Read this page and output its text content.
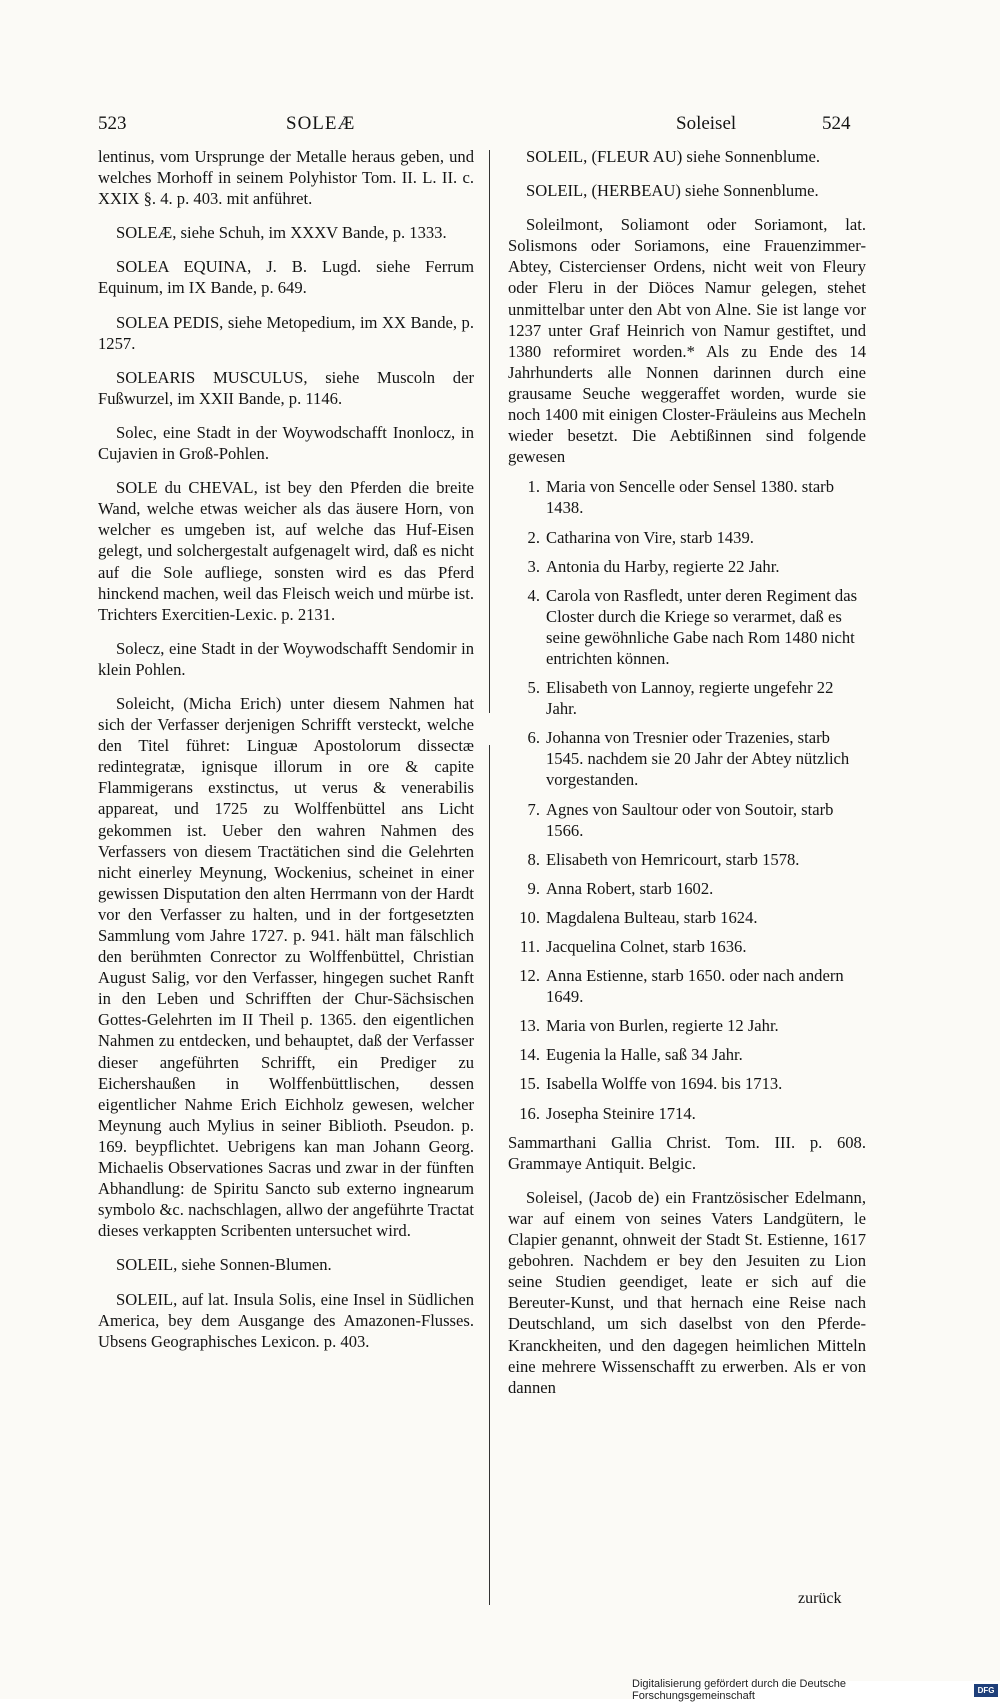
523	SOLEÆ	Soleisel	524

lentinus, vom Ursprunge der Metalle heraus geben, und welches Morhoff in seinem Polyhistor Tom. II. L. II. c. XXIX §. 4. p. 403. mit anführet.

SOLEÆ, siehe Schuh, im XXXV Bande, p. 1333.

SOLEA EQUINA, J. B. Lugd. siehe Ferrum Equinum, im IX Bande, p. 649.

SOLEA PEDIS, siehe Metopedium, im XX Bande, p. 1257.

SOLEARIS MUSCULUS, siehe Muscoln der Fußwurzel, im XXII Bande, p. 1146.

Solec, eine Stadt in der Woywodschafft Inonlocz, in Cujavien in Groß-Pohlen.

SOLE du CHEVAL, ist bey den Pferden die breite Wand, welche etwas weicher als das äusere Horn, von welcher es umgeben ist, auf welche das Huf-Eisen gelegt, und solchergestalt aufgenagelt wird, daß es nicht auf die Sole aufliege, sonsten wird es das Pferd hinckend machen, weil das Fleisch weich und mürbe ist. Trichters Exercitien-Lexic. p. 2131.

Solecz, eine Stadt in der Woywodschafft Sendomir in klein Pohlen.

Soleicht, (Micha Erich) unter diesem Nahmen hat sich der Verfasser derjenigen Schrifft versteckt, welche den Titel führet: Linguæ Apostolorum dissectæ redintegratæ, ignisque illorum in ore & capite Flammigerans exstinctus, ut verus & venerabilis appareat, und 1725 zu Wolffenbüttel ans Licht gekommen ist. Ueber den wahren Nahmen des Verfassers von diesem Tractätichen sind die Gelehrten nicht einerley Meynung, Wockenius, scheinet in einer gewissen Disputation den alten Herrmann von der Hardt vor den Verfasser zu halten, und in der fortgesetzten Sammlung vom Jahre 1727. p. 941. hält man fälschlich den berühmten Conrector zu Wolffenbüttel, Christian August Salig, vor den Verfasser, hingegen suchet Ranft in den Leben und Schrifften der Chur-Sächsischen Gottes-Gelehrten im II Theil p. 1365. den eigentlichen Nahmen zu entdecken, und behauptet, daß der Verfasser dieser angeführten Schrifft, ein Prediger zu Eichershaußen in Wolffenbüttlischen, dessen eigentlicher Nahme Erich Eichholz gewesen, welcher Meynung auch Mylius in seiner Biblioth. Pseudon. p. 169. beypflichtet. Uebrigens kan man Johann Georg. Michaelis Observationes Sacras und zwar in der fünften Abhandlung: de Spiritu Sancto sub externo ingnearum symbolo &c. nachschlagen, allwo der angeführte Tractat dieses verkappten Scribenten untersuchet wird.

SOLEIL, siehe Sonnen-Blumen.

SOLEIL, auf lat. Insula Solis, eine Insel in Südlichen America, bey dem Ausgange des Amazonen-Flusses. Ubsens Geographisches Lexicon. p. 403.

SOLEIL, (FLEUR AU) siehe Sonnenblume.

SOLEIL, (HERBEAU) siehe Sonnenblume.

Soleilmont, Soliamont oder Soriamont, lat. Solismons oder Soriamons, eine Frauenzimmer-Abtey, Cistercienser Ordens, nicht weit von Fleury oder Fleru in der Diöces Namur gelegen, stehet unmittelbar unter den Abt von Alne. Sie ist lange vor 1237 unter Graf Heinrich von Namur gestiftet, und 1380 reformiret worden.* Als zu Ende des 14 Jahrhunderts alle Nonnen darinnen durch eine grausame Seuche weggeraffet worden, wurde sie noch 1400 mit einigen Closter-Fräuleins aus Mecheln wieder besetzt. Die Aebtißinnen sind folgende gewesen

1. Maria von Sencelle oder Sensel 1380. starb 1438.
2. Catharina von Vire, starb 1439.
3. Antonia du Harby, regierte 22 Jahr.
4. Carola von Rasfledt, unter deren Regiment das Closter durch die Kriege so verarmet, daß es seine gewöhnliche Gabe nach Rom 1480 nicht entrichten können.
5. Elisabeth von Lannoy, regierte ungefehr 22 Jahr.
6. Johanna von Tresnier oder Trazenies, starb 1545. nachdem sie 20 Jahr der Abtey nützlich vorgestanden.
7. Agnes von Saultour oder von Soutoir, starb 1566.
8. Elisabeth von Hemricourt, starb 1578.
9. Anna Robert, starb 1602.
10. Magdalena Bulteau, starb 1624.
11. Jacquelina Colnet, starb 1636.
12. Anna Estienne, starb 1650. oder nach andern 1649.
13. Maria von Burlen, regierte 12 Jahr.
14. Eugenia la Halle, saß 34 Jahr.
15. Isabella Wolffe von 1694. bis 1713.
16. Josepha Steinire 1714.

Sammarthani Gallia Christ. Tom. III. p. 608. Grammaye Antiquit. Belgic.

Soleisel, (Jacob de) ein Frantzösischer Edelmann, war auf einem von seines Vaters Landgütern, le Clapier genannt, ohnweit der Stadt St. Estienne, 1617 gebohren. Nachdem er bey den Jesuiten zu Lion seine Studien geendiget, leate er sich auf die Bereuter-Kunst, und that hernach eine Reise nach Deutschland, um sich daselbst von den Pferde-Kranckheiten, und den dagegen heimlichen Mitteln eine mehrere Wissenschafft zu erwerben. Als er von dannen

zurück
Digitalisierung gefördert durch die Deutsche Forschungsgemeinschaft	DFG
